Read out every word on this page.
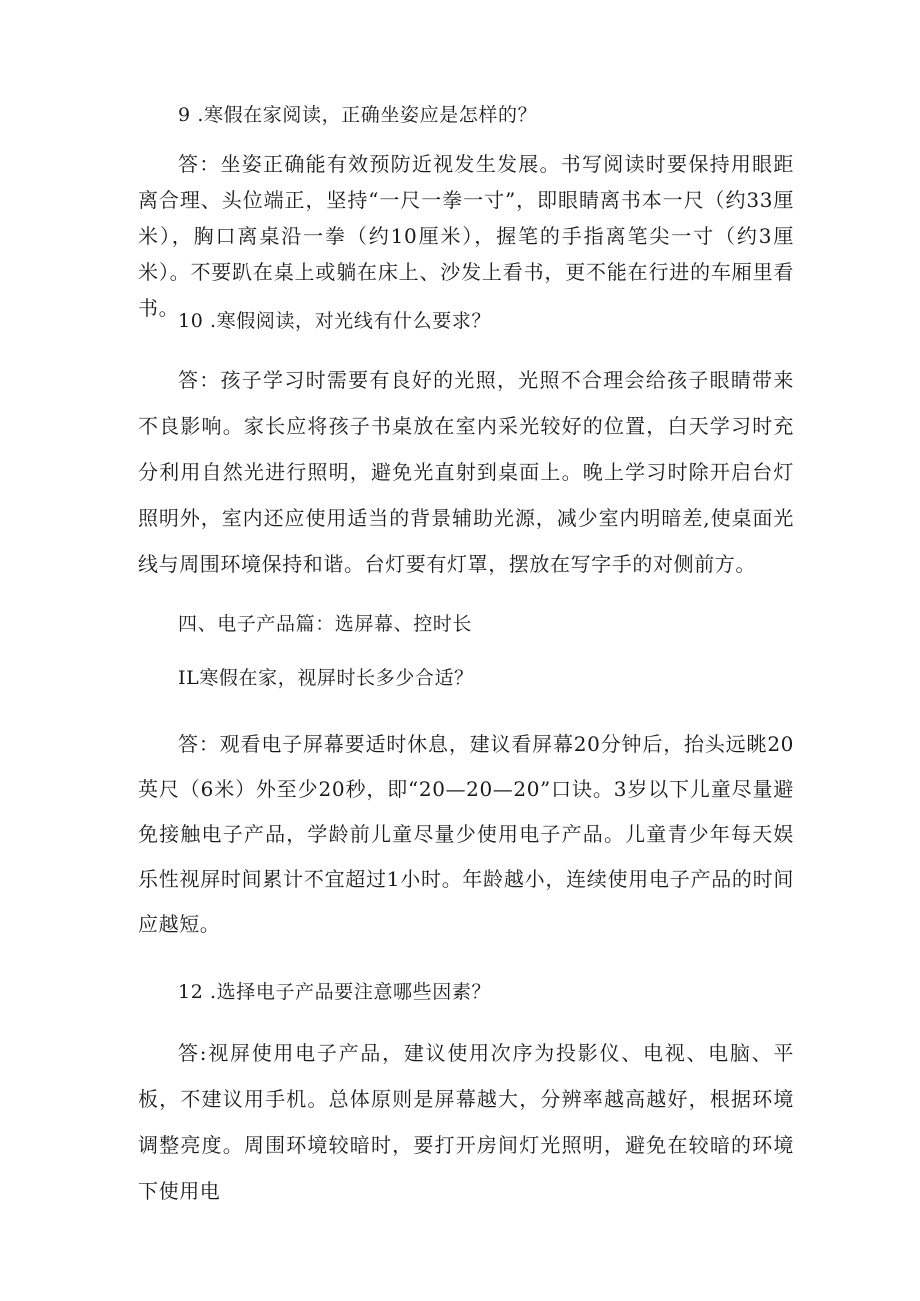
9 .寒假在家阅读，正确坐姿应是怎样的？

答：坐姿正确能有效预防近视发生发展。书写阅读时要保持用眼距离合理、头位端正，坚持“一尺一拳一寸”，即眼睛离书本一尺（约33厘米），胸口离桌沿一拳（约10厘米），握笔的手指离笔尖一寸（约3厘米）。不要趴在桌上或躺在床上、沙发上看书，更不能在行进的车厢里看书。

10 .寒假阅读，对光线有什么要求？

答：孩子学习时需要有良好的光照，光照不合理会给孩子眼睛带来不良影响。家长应将孩子书桌放在室内采光较好的位置，白天学习时充分利用自然光进行照明，避免光直射到桌面上。晚上学习时除开启台灯照明外，室内还应使用适当的背景辅助光源，减少室内明暗差,使桌面光线与周围环境保持和谐。台灯要有灯罩，摆放在写字手的对侧前方。

四、电子产品篇：选屏幕、控时长

IL寒假在家，视屏时长多少合适？

答：观看电子屏幕要适时休息，建议看屏幕20分钟后，抬头远眺20英尺（6米）外至少20秒，即“20—20—20”口诀。3岁以下儿童尽量避免接触电子产品，学龄前儿童尽量少使用电子产品。儿童青少年每天娱乐性视屏时间累计不宜超过1小时。年龄越小，连续使用电子产品的时间应越短。

12 .选择电子产品要注意哪些因素？

答:视屏使用电子产品，建议使用次序为投影仪、电视、电脑、平板，不建议用手机。总体原则是屏幕越大，分辨率越高越好，根据环境调整亮度。周围环境较暗时，要打开房间灯光照明，避免在较暗的环境下使用电
